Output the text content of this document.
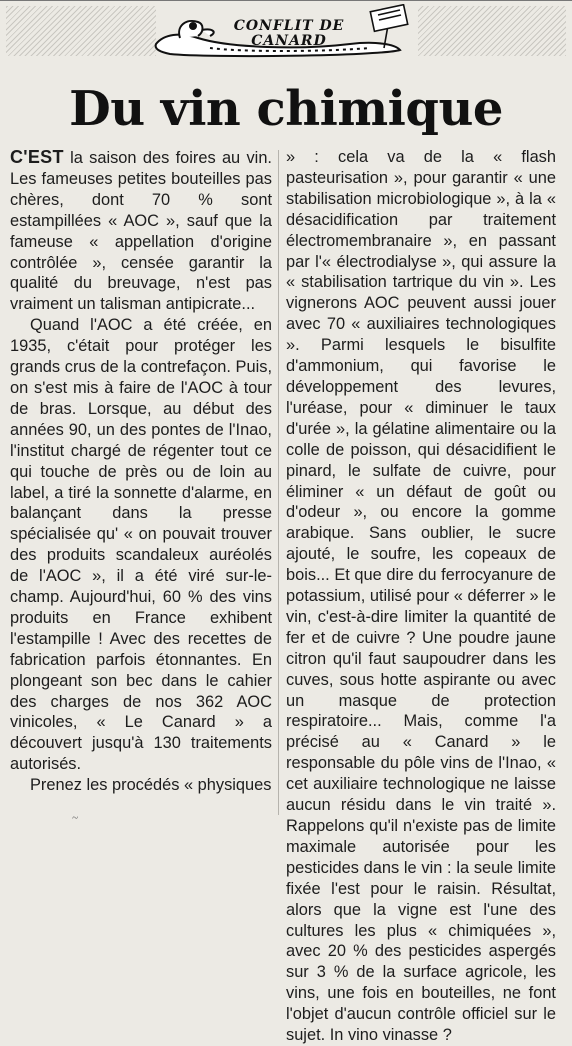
CONFLIT DE
CANARD
Du vin chimique

C'EST la saison des foires au vin. Les fameuses petites bouteilles pas chères, dont 70 % sont estampillées « AOC », sauf que la fameuse « appellation d'origine contrôlée », censée garantir la qualité du breuvage, n'est pas vraiment un talisman antipicrate...

Quand l'AOC a été créée, en 1935, c'était pour protéger les grands crus de la contrefaçon. Puis, on s'est mis à faire de l'AOC à tour de bras. Lorsque, au début des années 90, un des pontes de l'Inao, l'institut chargé de régenter tout ce qui touche de près ou de loin au label, a tiré la sonnette d'alarme, en balançant dans la presse spécialisée qu' « on pouvait trouver des produits scandaleux auréolés de l'AOC », il a été viré sur-le-champ. Aujourd'hui, 60 % des vins produits en France exhibent l'estampille ! Avec des recettes de fabrication parfois étonnantes. En plongeant son bec dans le cahier des charges de nos 362 AOC vinicoles, « Le Canard » a découvert jusqu'à 130 traitements autorisés.

Prenez les procédés « physiques

» : cela va de la « flash pasteurisation », pour garantir « une stabilisation microbiologique », à la « désacidification par traitement électromembranaire », en passant par l'« électrodialyse », qui assure la « stabilisation tartrique du vin ». Les vignerons AOC peuvent aussi jouer avec 70 « auxiliaires technologiques ». Parmi lesquels le bisulfite d'ammonium, qui favorise le développement des levures, l'uréase, pour « diminuer le taux d'urée », la gélatine alimentaire ou la colle de poisson, qui désacidifient le pinard, le sulfate de cuivre, pour éliminer « un défaut de goût ou d'odeur », ou encore la gomme arabique. Sans oublier, le sucre ajouté, le soufre, les copeaux de bois... Et que dire du ferrocyanure de potassium, utilisé pour « déferrer » le vin, c'est-à-dire limiter la quantité de fer et de cuivre ? Une poudre jaune citron qu'il faut saupoudrer dans les cuves, sous hotte aspirante ou avec un masque de protection respiratoire... Mais, comme l'a précisé au « Canard » le responsable du pôle vins de l'Inao, « cet auxiliaire technologique ne laisse aucun résidu dans le vin traité ». Rappelons qu'il n'existe pas de limite maximale autorisée pour les pesticides dans le vin : la seule limite fixée l'est pour le raisin. Résultat, alors que la vigne est l'une des cultures les plus « chimiquées », avec 20 % des pesticides aspergés sur 3 % de la surface agricole, les vins, une fois en bouteilles, ne font l'objet d'aucun contrôle officiel sur le sujet. In vino vinasse ?

~
